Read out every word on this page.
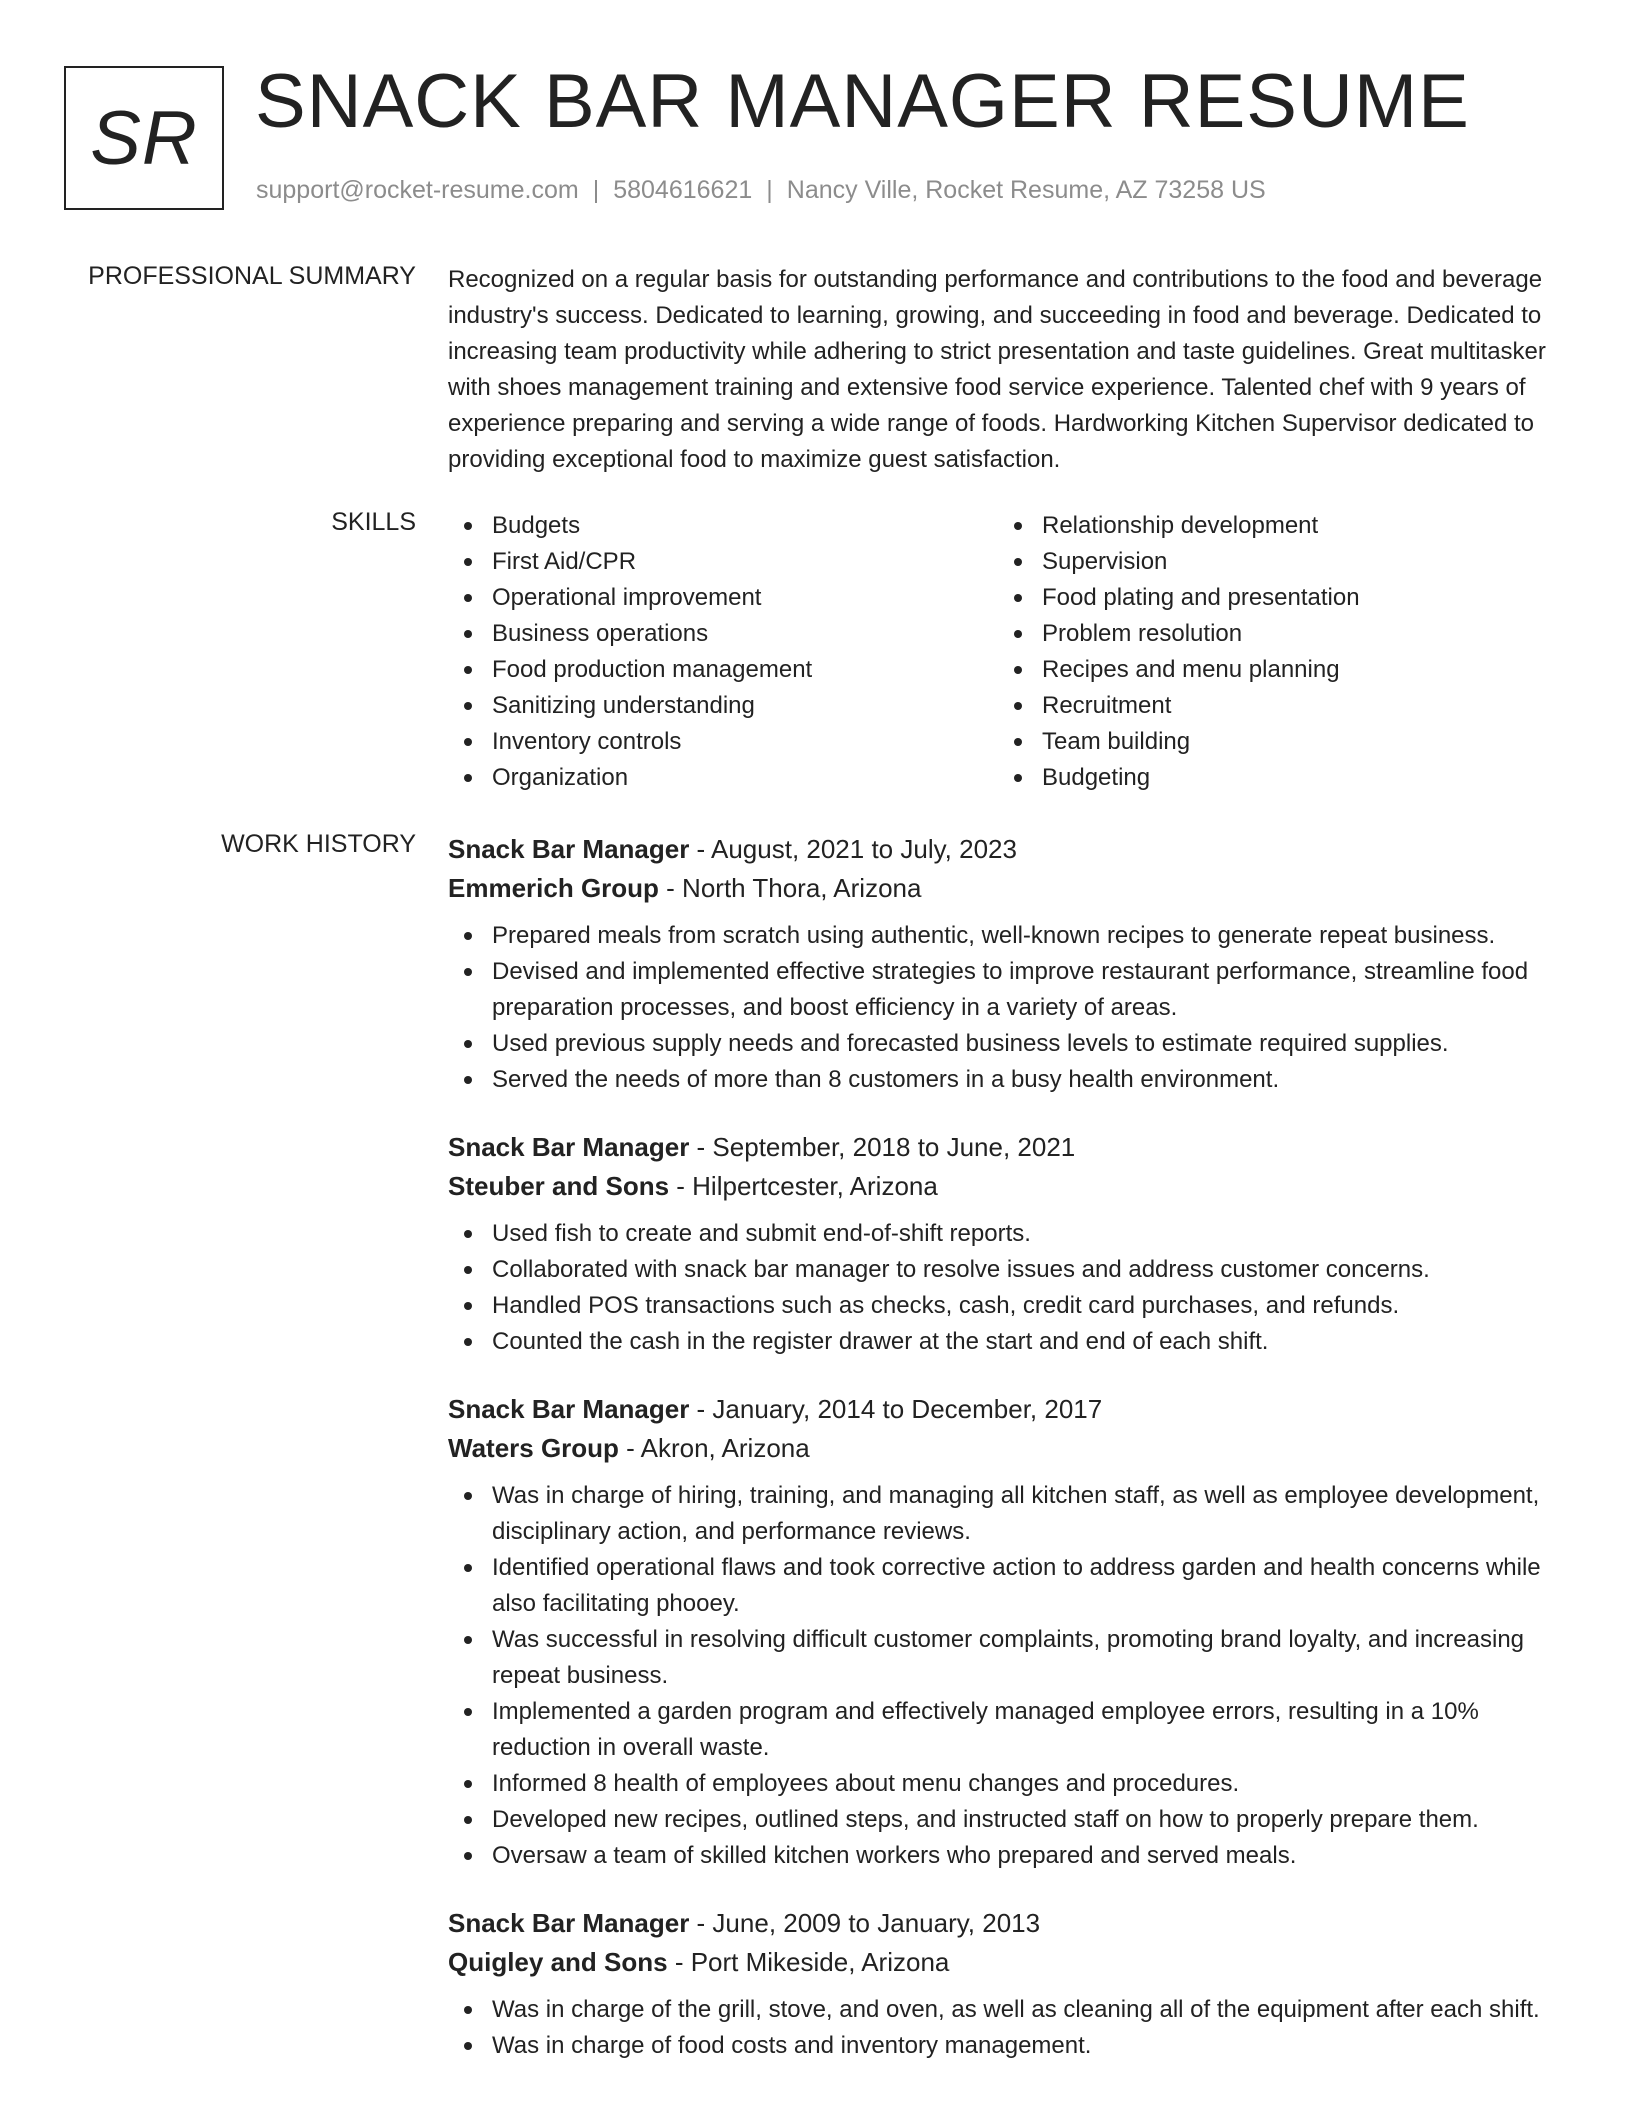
SR SNACK BAR MANAGER RESUME
support@rocket-resume.com | 5804616621 | Nancy Ville, Rocket Resume, AZ 73258 US
PROFESSIONAL SUMMARY Recognized on a regular basis for outstanding performance and contributions to the food and beverage industry's success. Dedicated to learning, growing, and succeeding in food and beverage. Dedicated to increasing team productivity while adhering to strict presentation and taste guidelines. Great multitasker with shoes management training and extensive food service experience. Talented chef with 9 years of experience preparing and serving a wide range of foods. Hardworking Kitchen Supervisor dedicated to providing exceptional food to maximize guest satisfaction.

SKILLS	Budgets
First Aid/CPR
Operational improvement
Business operations
Food production management
Sanitizing understanding
Inventory controls
Organization
Relationship development
Supervision
Food plating and presentation
Problem resolution
Recipes and menu planning
Recruitment
Team building
Budgeting
WORK HISTORY Snack Bar Manager - August, 2021 to July, 2023
Emmerich Group - North Thora, Arizona
Prepared meals from scratch using authentic, well-known recipes to generate repeat business.
Devised and implemented effective strategies to improve restaurant performance, streamline food preparation processes, and boost efficiency in a variety of areas.
Used previous supply needs and forecasted business levels to estimate required supplies.
Served the needs of more than 8 customers in a busy health environment.
Snack Bar Manager - September, 2018 to June, 2021
Steuber and Sons - Hilpertcester, Arizona
Used fish to create and submit end-of-shift reports.
Collaborated with snack bar manager to resolve issues and address customer concerns.
Handled POS transactions such as checks, cash, credit card purchases, and refunds.
Counted the cash in the register drawer at the start and end of each shift.
Snack Bar Manager - January, 2014 to December, 2017
Waters Group - Akron, Arizona
Was in charge of hiring, training, and managing all kitchen staff, as well as employee development, disciplinary action, and performance reviews.
Identified operational flaws and took corrective action to address garden and health concerns while also facilitating phooey.
Was successful in resolving difficult customer complaints, promoting brand loyalty, and increasing repeat business.
Implemented a garden program and effectively managed employee errors, resulting in a 10% reduction in overall waste.
Informed 8 health of employees about menu changes and procedures.
Developed new recipes, outlined steps, and instructed staff on how to properly prepare them.
Oversaw a team of skilled kitchen workers who prepared and served meals.
Snack Bar Manager - June, 2009 to January, 2013
Quigley and Sons - Port Mikeside, Arizona
Was in charge of the grill, stove, and oven, as well as cleaning all of the equipment after each shift.
Was in charge of food costs and inventory management.
